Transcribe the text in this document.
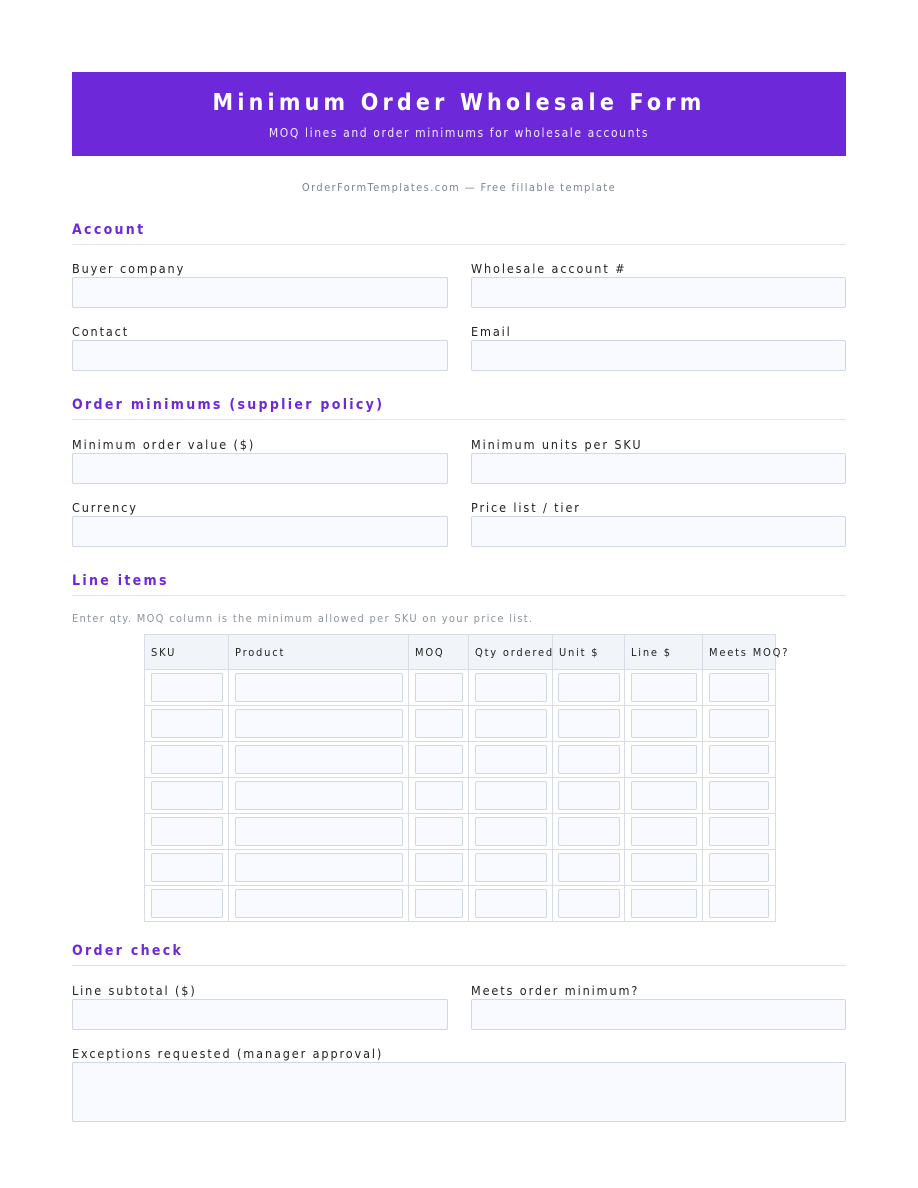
Minimum Order Wholesale Form
MOQ lines and order minimums for wholesale accounts
OrderFormTemplates.com — Free fillable template
Account
Buyer company	Wholesale account #
Contact	Email
Order minimums (supplier policy)
Minimum order value ($)	Minimum units per SKU
Currency	Price list / tier
Line items
Enter qty. MOQ column is the minimum allowed per SKU on your price list.
SKU	Product	MOQ	Qty ordered	Unit $	Line $	Meets MOQ?

Order check
Line subtotal ($)	Meets order minimum?
Exceptions requested (manager approval)
